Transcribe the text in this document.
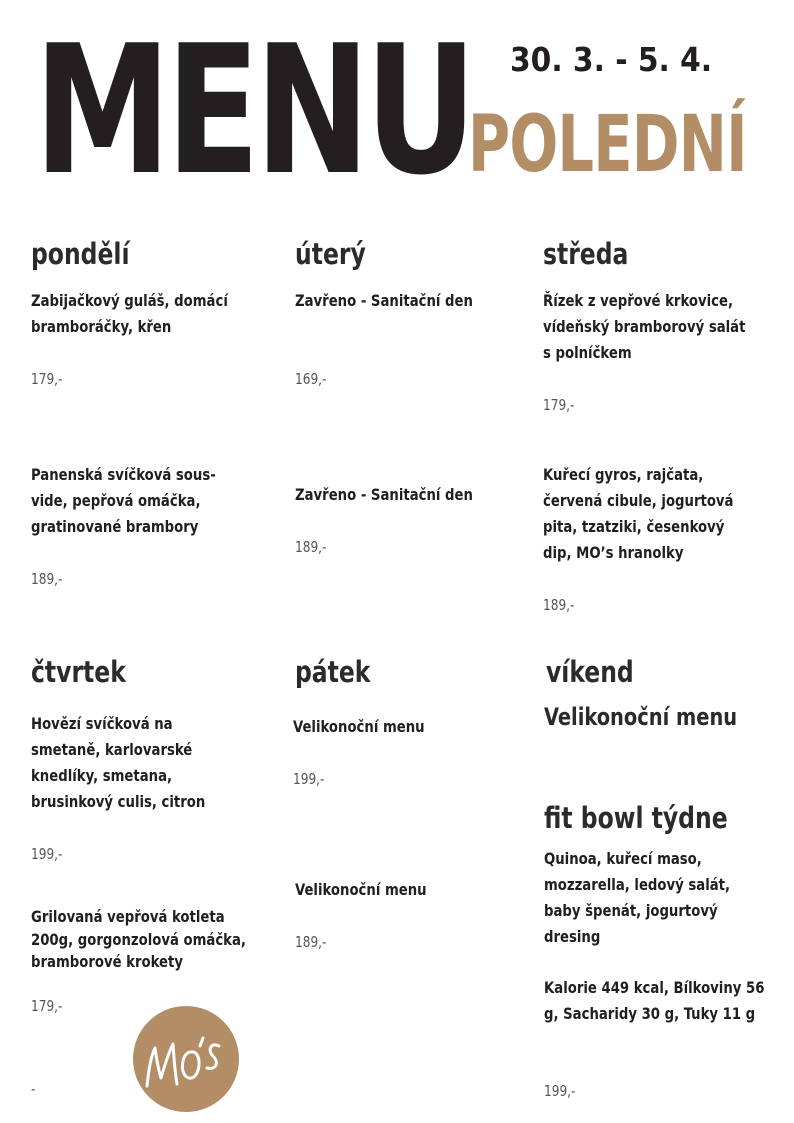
MENU 30. 3. - 5. 4.
POLEDNÍ
pondělí
Zabijačkový guláš, domácí bramboráčky, křen
179,-
Panenská svíčková sous-vide, pepřová omáčka, gratinované brambory
189,-
úterý
Zavřeno - Sanitační den
169,-
Zavřeno - Sanitační den
189,-
středa
Řízek z vepřové krkovice, vídeňský bramborový salát s polníčkem
179,-
Kuřecí gyros, rajčata, červená cibule, jogurtová pita, tzatziki, česenkový dip, MO’s hranolky
189,-
čtvrtek
Hovězí svíčková na smetaně, karlovarské knedlíky, smetana, brusinkový culis, citron
199,-
Grilovaná vepřová kotleta 200g, gorgonzolová omáčka, bramborové krokety
179,-
-
pátek
Velikonoční menu
199,-
Velikonoční menu
189,-
víkend
Velikonoční menu
fit bowl týdne
Quinoa, kuřecí maso, mozzarella, ledový salát, baby špenát, jogurtový dresing
Kalorie 449 kcal, Bílkoviny 56 g, Sacharidy 30 g, Tuky 11 g
199,-
